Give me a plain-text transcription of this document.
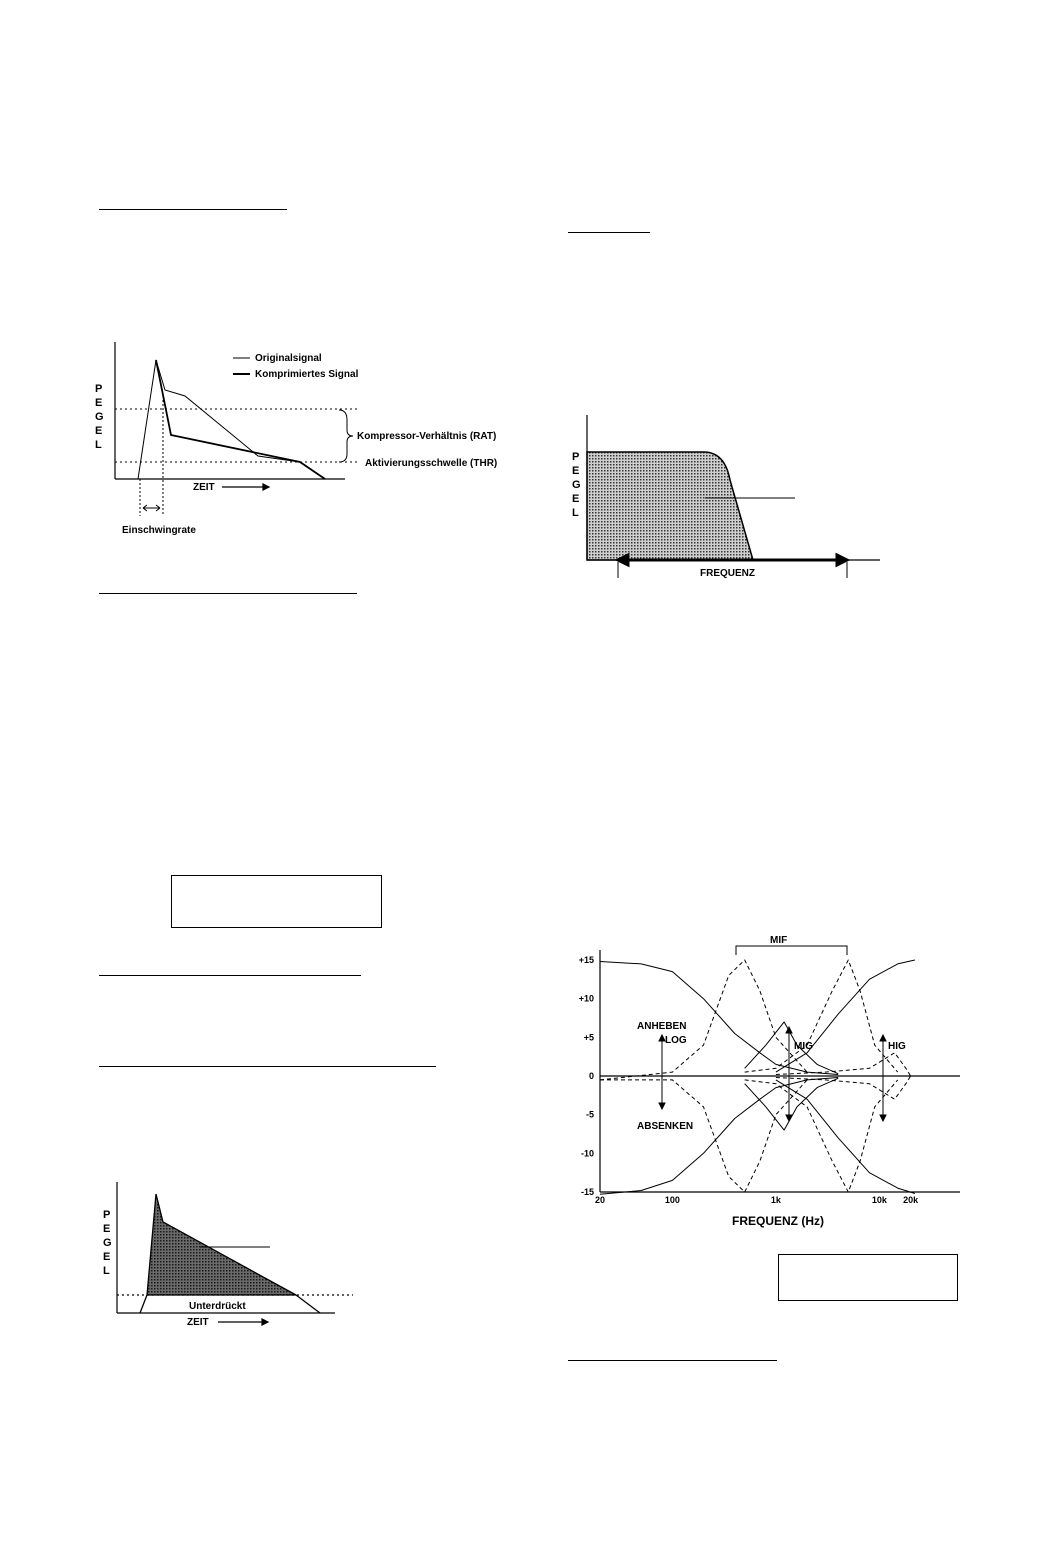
P
E
G
E
L
Originalsignal
Komprimiertes Signal
Kompressor-Verhältnis (RAT)
Aktivierungsschwelle (THR)
ZEIT
Einschwingrate
P
E
G
E
L
FREQUENZ
MIF
+15
+10
+5
0
-5
-10
-15
20	100	1k	10k 20k
ANHEBEN
LOG
ABSENKEN
MIG	HIG
FREQUENZ (Hz)
P
E
G
E
L
Unterdrückt
ZEIT
